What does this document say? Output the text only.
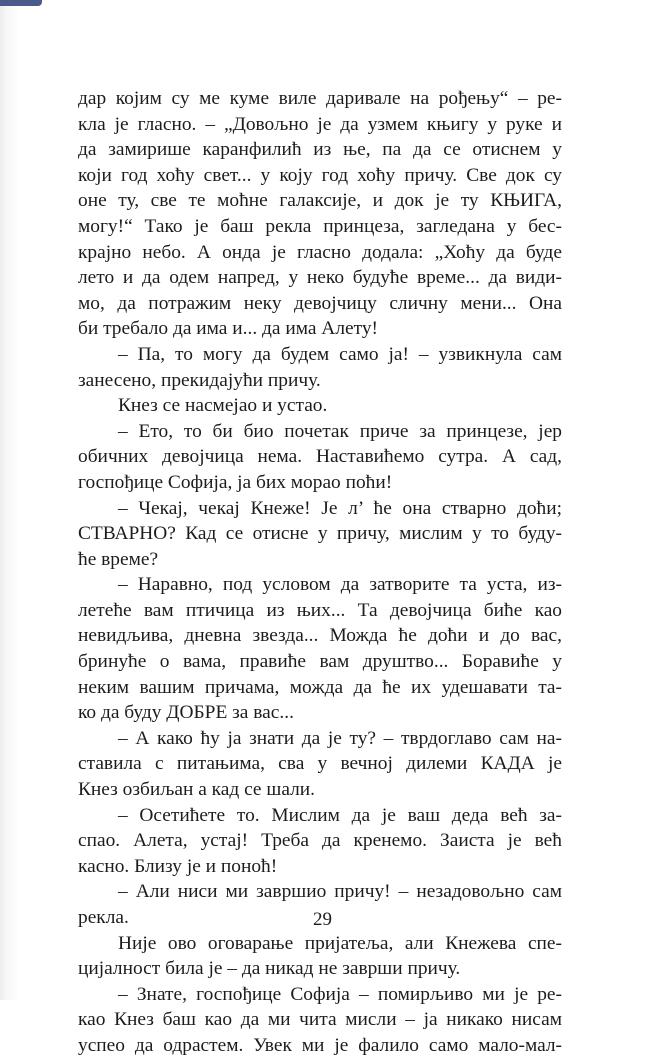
дар којим су ме куме виле даривале на рођењу“ – ре-
кла је гласно. – „Довољно је да узмем књигу у руке и
да замирише каранфилић из ње, па да се отиснем у
који год хоћу свет... у коју год хоћу причу. Све док су
оне ту, све те моћне галаксије, и док је ту КЊИГА,
могу!“ Тако је баш рекла принцеза, загледана у бес-
крајно небо. А онда је гласно додала: „Хоћу да буде
лето и да одем напред, у неко будуће време... да види-
мо, да потражим неку девојчицу сличну мени... Она
би требало да има и... да има Алету!
– Па, то могу да будем само ја! – узвикнула сам
занесено, прекидајући причу.
Кнез се насмејао и устао.
– Ето, то би био почетак приче за принцезе, јер
обичних девојчица нема. Наставићемо сутра. А сад,
госпођице Софија, ја бих морао поћи!
– Чекај, чекај Кнеже! Је л’ ће она стварно доћи;
СТВАРНО? Кад се отисне у причу, мислим у то буду-
ће време?
– Наравно, под условом да затворите та уста, из-
летеће вам птичица из њих... Та девојчица биће као
невидљива, дневна звезда... Можда ће доћи и до вас,
бринуће о вама, правиће вам друштво... Боравиће у
неким вашим причама, можда да ће их удешавати та-
ко да буду ДОБРЕ за вас...
– А како ћу ја знати да је ту? – тврдоглаво сам на-
ставила с питањима, сва у вечној дилеми КАДА је
Кнез озбиљан а кад се шали.
– Осетићете то. Мислим да је ваш деда већ за-
спао. Алета, устај! Треба да кренемо. Заиста је већ
касно. Близу је и поноћ!
– Али ниси ми завршио причу! – незадовољно сам
рекла.
Није ово оговарање пријатеља, али Кнежева спе-
цијалност била је – да никад не заврши причу.
– Знате, госпођице Софија – помирљиво ми је ре-
као Кнез баш као да ми чита мисли – ја никако нисам
успео да одрастем. Увек ми је фалило само мало-мал-
29
